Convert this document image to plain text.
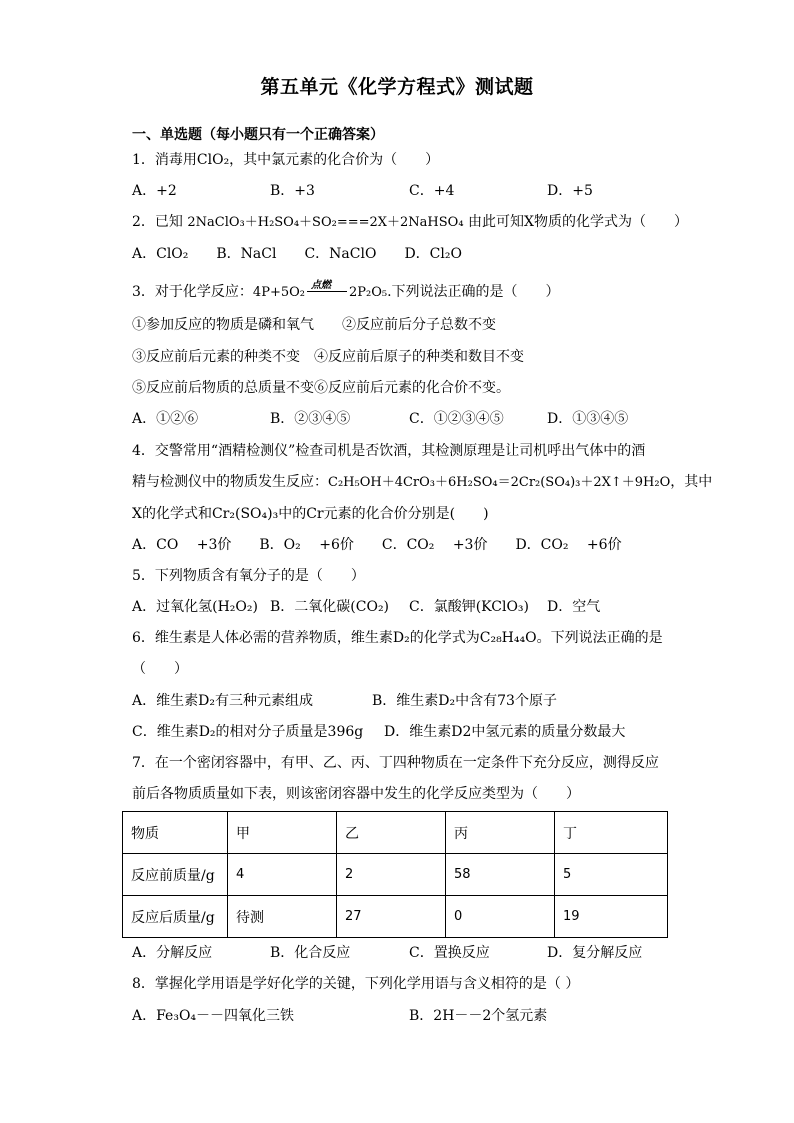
第五单元《化学方程式》测试题
一、单选题（每小题只有一个正确答案）
1．消毒用ClO₂，其中氯元素的化合价为（　　）
A．+2	B．+3	C．+4	D．+5
2．已知 2NaClO₃＋H₂SO₄＋SO₂===2X＋2NaHSO₄ 由此可知X物质的化学式为（　　）
A．ClO₂　　B．NaCl　　C．NaClO　　D．Cl₂O
3．对于化学反应：4P+5O₂ 点燃 2P₂O₅.下列说法正确的是（　　）
①参加反应的物质是磷和氧气　　②反应前后分子总数不变
③反应前后元素的种类不变　④反应前后原子的种类和数目不变
⑤反应前后物质的总质量不变⑥反应前后元素的化合价不变。
A．①②⑥	B．②③④⑤	C．①②③④⑤	D．①③④⑤
4．交警常用“酒精检测仪”检查司机是否饮酒，其检测原理是让司机呼出气体中的酒
精与检测仪中的物质发生反应：C₂H₅OH＋4CrO₃＋6H₂SO₄＝2Cr₂(SO₄)₃＋2X↑＋9H₂O，其中
X的化学式和Cr₂(SO₄)₃中的Cr元素的化合价分别是(　　)
A．CO　 +3价　　B．O₂　 +6价　　C．CO₂　 +3价　　D．CO₂　 +6价
5．下列物质含有氧分子的是（　　）
A．过氧化氢(H₂O₂) B．二氧化碳(CO₂) C．氯酸钾(KClO₃) D．空气
6．维生素是人体必需的营养物质，维生素D₂的化学式为C₂₈H₄₄O。下列说法正确的是
（　　）
A．维生素D₂有三种元素组成	B．维生素D₂中含有73个原子
C．维生素D₂的相对分子质量是396g D．维生素D2中氢元素的质量分数最大
7．在一个密闭容器中，有甲、乙、丙、丁四种物质在一定条件下充分反应，测得反应
前后各物质质量如下表，则该密闭容器中发生的化学反应类型为（　　）
物质	甲	乙	丙	丁
反应前质量/g	4	2	58	5
反应后质量/g	待测	27	0	19
A．分解反应	B．化合反应	C．置换反应	D．复分解反应
8．掌握化学用语是学好化学的关键，下列化学用语与含义相符的是（ ）
A．Fe₃O₄－－四氧化三铁	B．2H－－2个氢元素
